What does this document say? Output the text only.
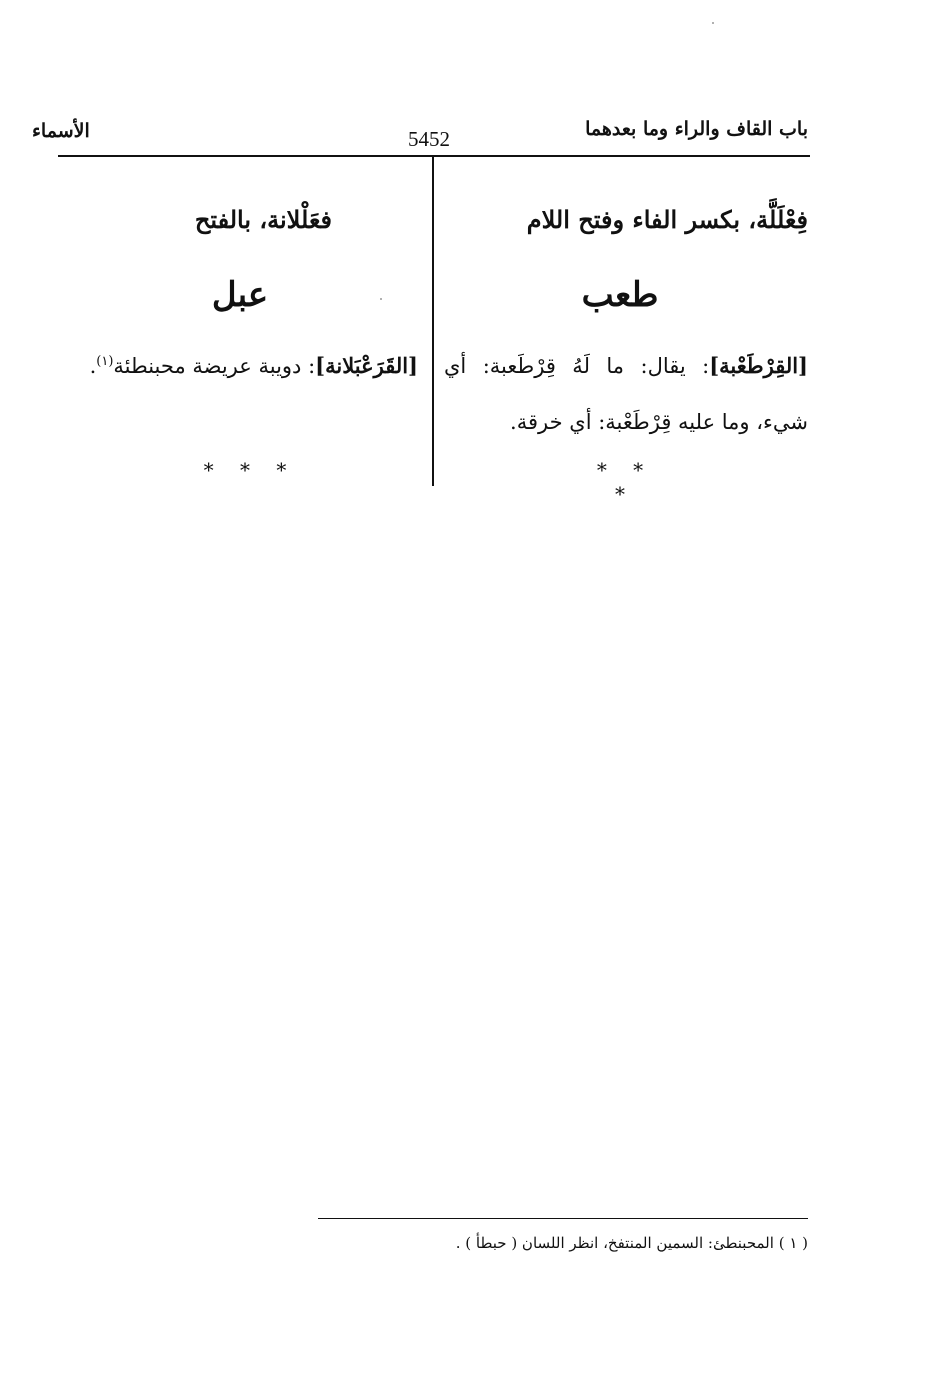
الأسماء	5452	باب القاف والراء وما بعدهما
فِعْلَلَّة، بكسر الفاء وفتح اللام
طعب
[القِرْطَعْبة]: يقال: ما لَهُ قِرْطَعبة: أي شيء، وما عليه قِرْطَعْبة: أي خرقة.
* * *
فعَلْلانة، بالفتح
عبل
[القَرَعْبَلانة]: دويبة عريضة محبنطئة$^{(١)}$.
* * *
( ١ ) المحبنطئ: السمين المنتفخ، انظر اللسان ( حبطأ ) .
